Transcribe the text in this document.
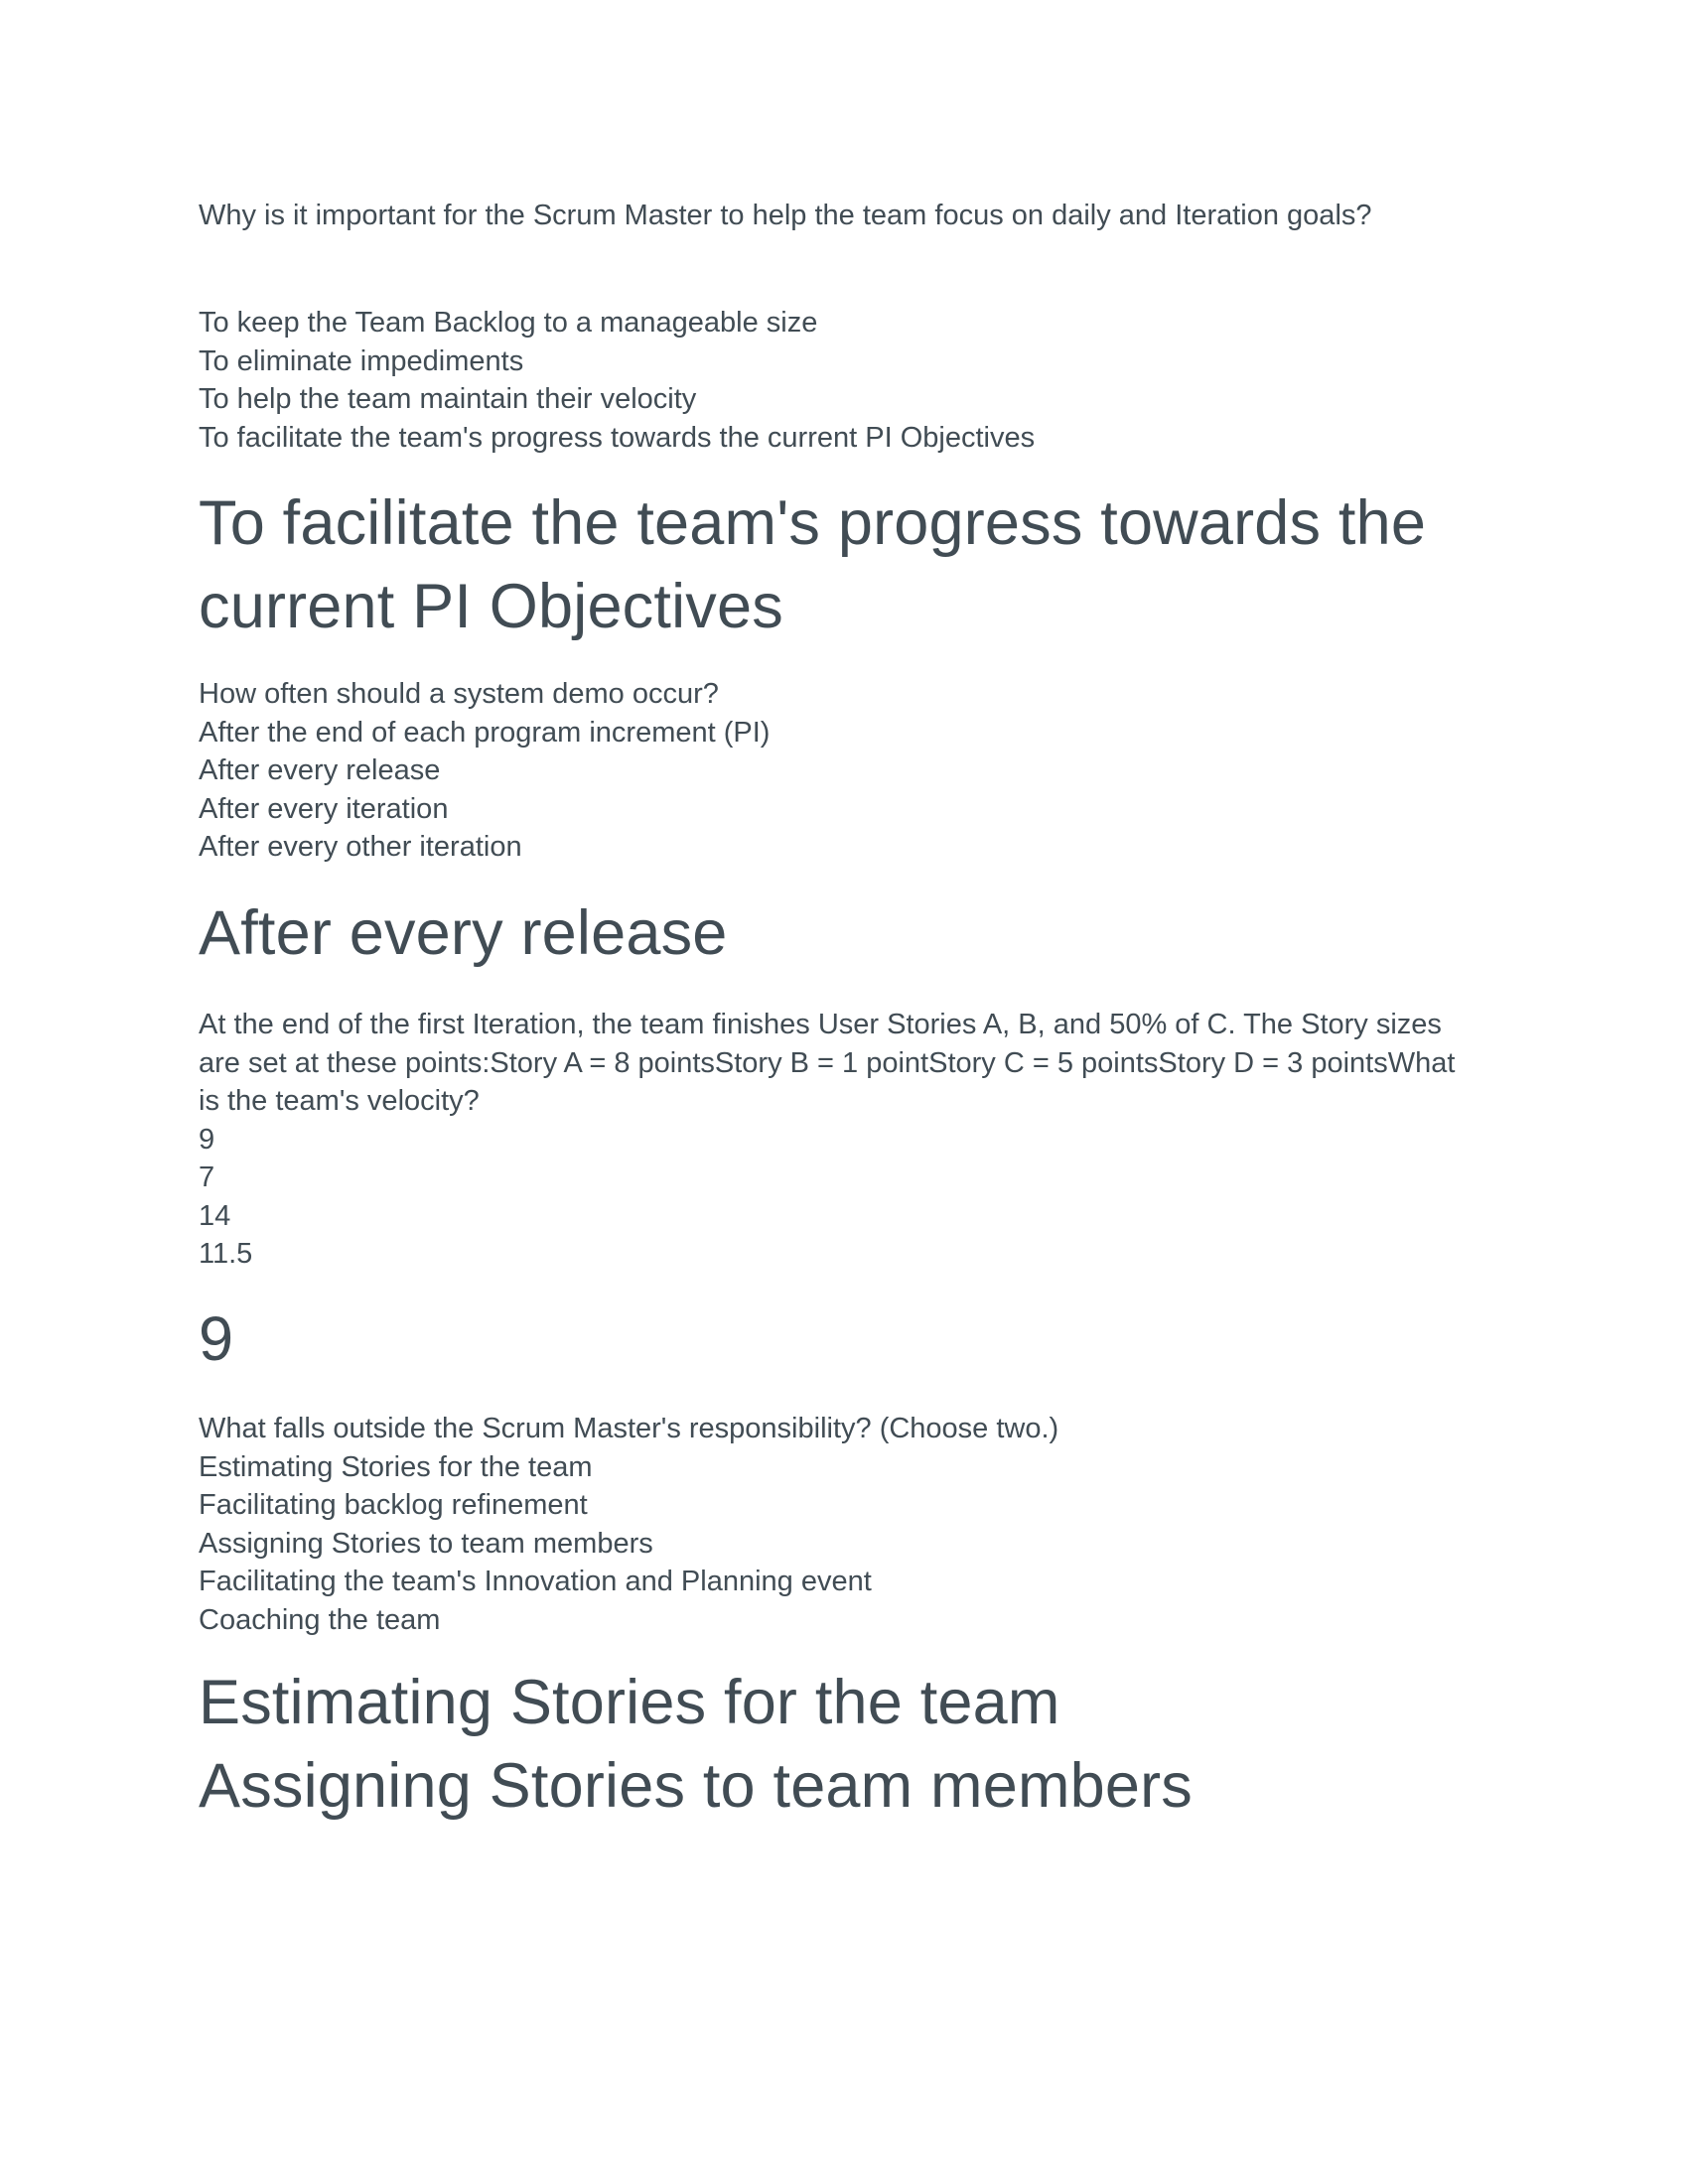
Why is it important for the Scrum Master to help the team focus on daily and Iteration goals?

To keep the Team Backlog to a manageable size

To eliminate impediments

To help the team maintain their velocity

To facilitate the team's progress towards the current PI Objectives

To facilitate the team's progress towards the
current PI Objectives

How often should a system demo occur?

After the end of each program increment (PI)

After every release

After every iteration

After every other iteration

After every release

At the end of the first Iteration, the team finishes User Stories A, B, and 50% of C. The Story sizes

are set at these points:Story A = 8 pointsStory B = 1 pointStory C = 5 pointsStory D = 3 pointsWhat

is the team's velocity?

9

7

14

11.5

9

What falls outside the Scrum Master's responsibility? (Choose two.)

Estimating Stories for the team

Facilitating backlog refinement

Assigning Stories to team members

Facilitating the team's Innovation and Planning event

Coaching the team

Estimating Stories for the team
Assigning Stories to team members
